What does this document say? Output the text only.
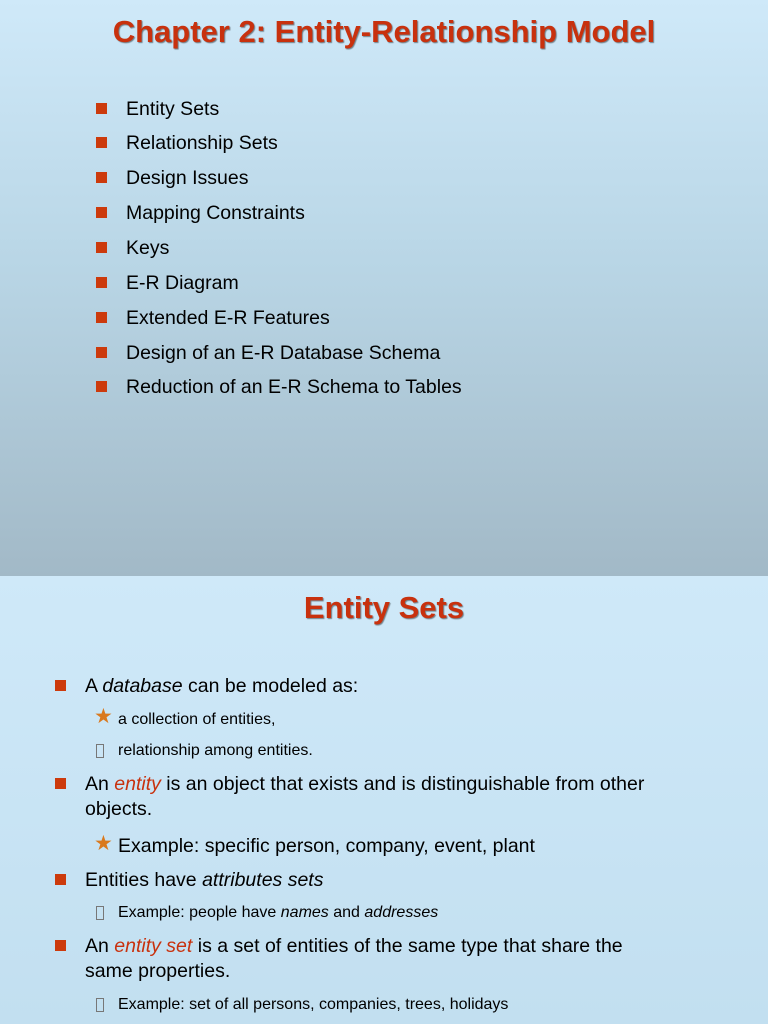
Chapter 2: Entity-Relationship Model
Entity Sets
Relationship Sets
Design Issues
Mapping Constraints
Keys
E-R Diagram
Extended E-R Features
Design of an E-R Database Schema
Reduction of an E-R Schema to Tables
Entity Sets
A database can be modeled as:
★ a collection of entities,
relationship among entities.
An entity is an object that exists and is distinguishable from other
objects.
★ Example: specific person, company, event, plant
Entities have attributes sets
Example: people have names and addresses
An entity set is a set of entities of the same type that share the
same properties.
Example: set of all persons, companies, trees, holidays
